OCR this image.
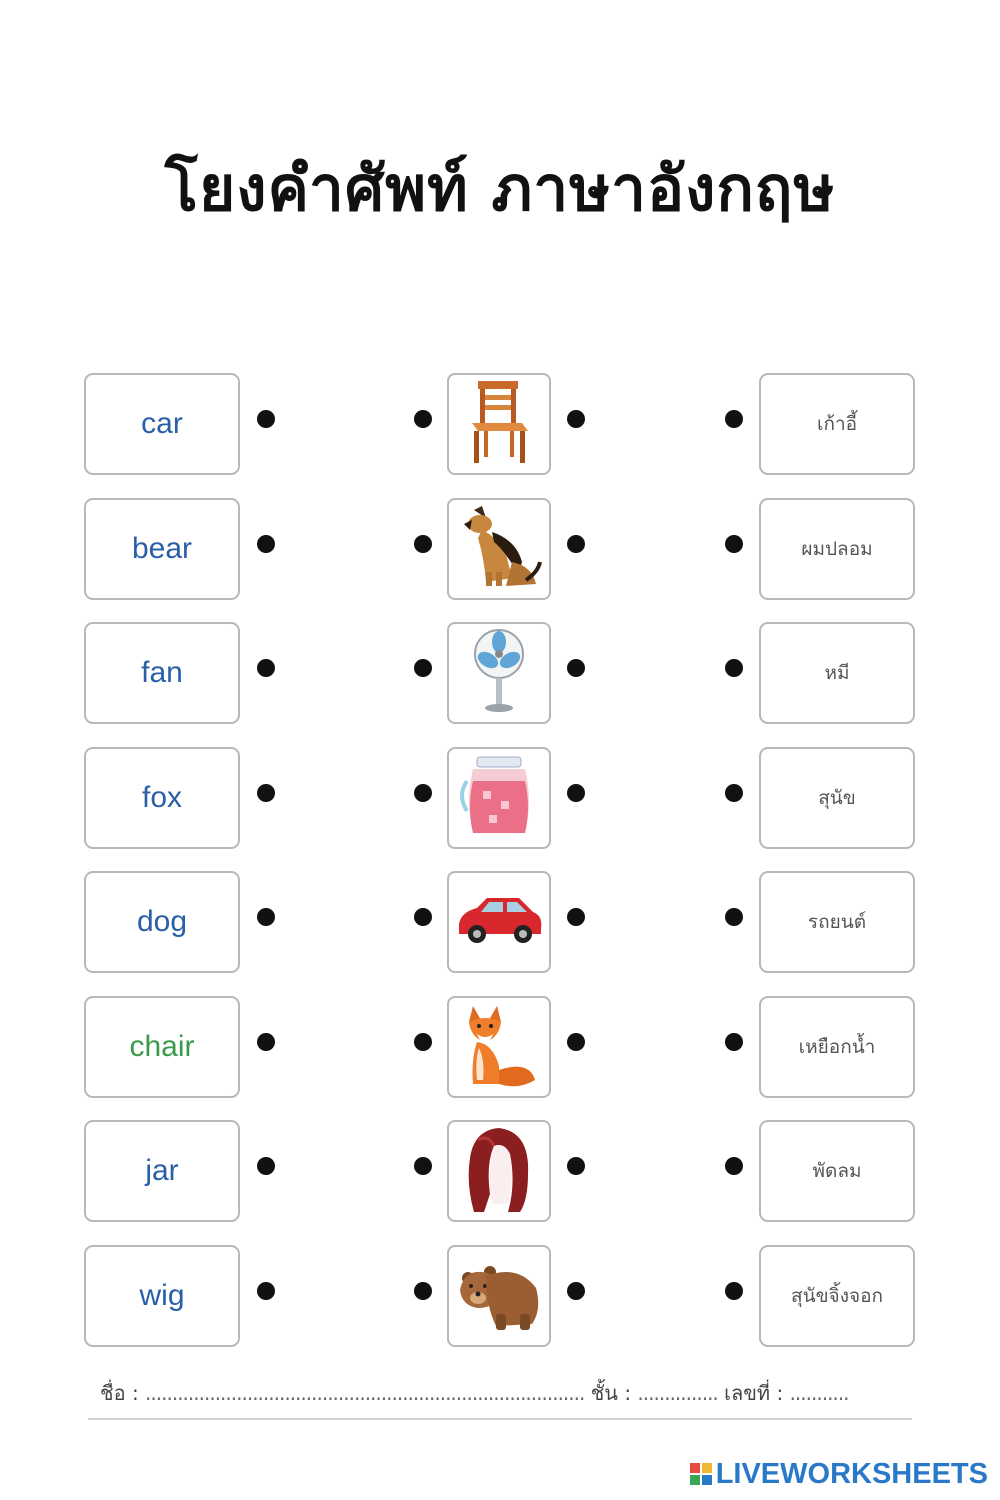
โยงคำศัพท์ ภาษาอังกฤษ
car	เก้าอี้
bear	ผมปลอม
fan	หมี
fox	สุนัข
dog	รถยนต์
chair	เหยือกน้ำ
jar	พัดลม
wig	สุนัขจิ้งจอก
ชื่อ : .................................................................................. ชั้น : ............... เลขที่ : ...........
LIVEWORKSHEETS
